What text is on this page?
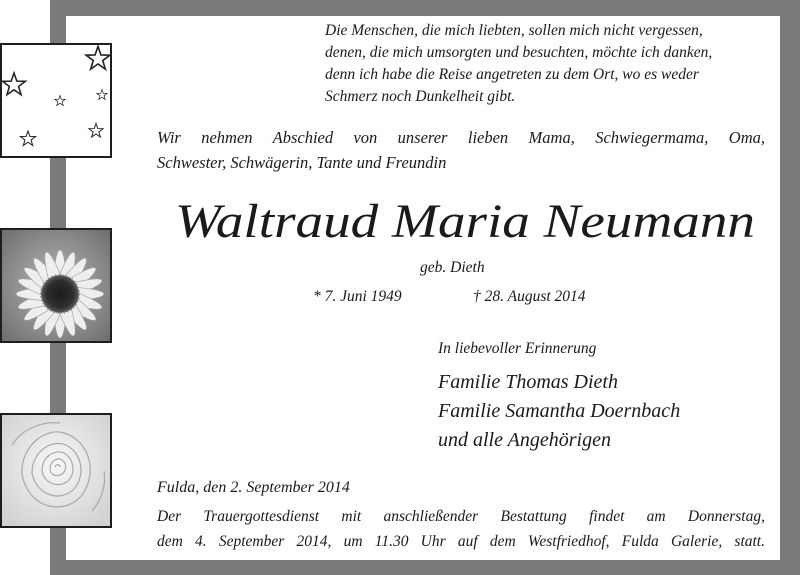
Die Menschen, die mich liebten, sollen mich nicht vergessen,

denen, die mich umsorgten und besuchten, möchte ich danken,

denn ich habe die Reise angetreten zu dem Ort, wo es weder

Schmerz noch Dunkelheit gibt.

Wir nehmen Abschied von unserer lieben Mama, Schwiegermama, Oma,

Schwester, Schwägerin, Tante und Freundin

Waltraud Maria Neumann

geb. Dieth

* 7. Juni 1949	† 28. August 2014

In liebevoller Erinnerung

Familie Thomas Dieth

Familie Samantha Doernbach

und alle Angehörigen

Fulda, den 2. September 2014

Der Trauergottesdienst mit anschließender Bestattung findet am Donnerstag,

dem 4. September 2014, um 11.30 Uhr auf dem Westfriedhof, Fulda Galerie, statt.
